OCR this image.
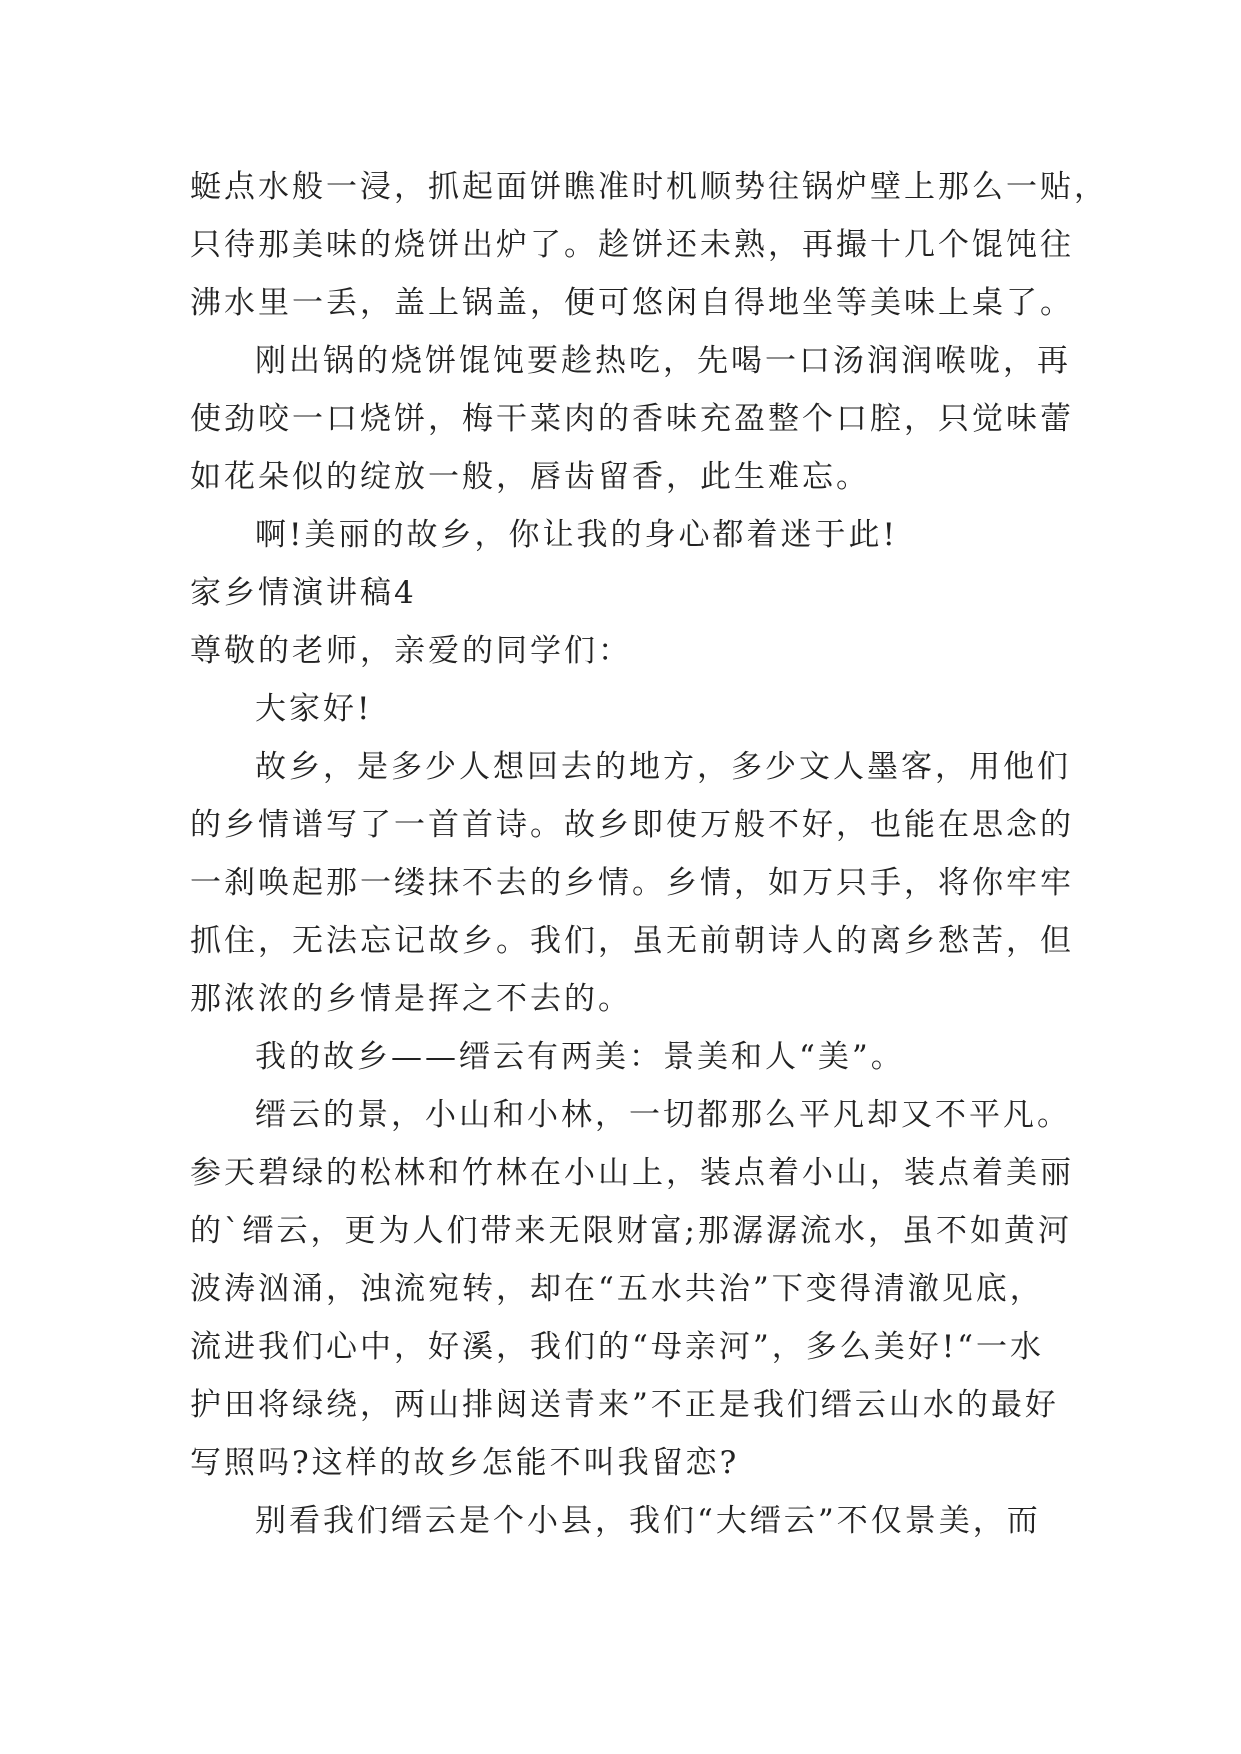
蜓点水般一浸，抓起面饼瞧准时机顺势往锅炉壁上那么一贴，
只待那美味的烧饼出炉了。趁饼还未熟，再撮十几个馄饨往
沸水里一丢，盖上锅盖，便可悠闲自得地坐等美味上桌了。
刚出锅的烧饼馄饨要趁热吃，先喝一口汤润润喉咙，再
使劲咬一口烧饼，梅干菜肉的香味充盈整个口腔，只觉味蕾
如花朵似的绽放一般，唇齿留香，此生难忘。
啊!美丽的故乡，你让我的身心都着迷于此!
家乡情演讲稿4
尊敬的老师，亲爱的同学们：
大家好!
故乡，是多少人想回去的地方，多少文人墨客，用他们
的乡情谱写了一首首诗。故乡即使万般不好，也能在思念的
一刹唤起那一缕抹不去的乡情。乡情，如万只手，将你牢牢
抓住，无法忘记故乡。我们，虽无前朝诗人的离乡愁苦，但
那浓浓的乡情是挥之不去的。
我的故乡——缙云有两美：景美和人“美”。
缙云的景，小山和小林，一切都那么平凡却又不平凡。
参天碧绿的松林和竹林在小山上，装点着小山，装点着美丽
的`缙云，更为人们带来无限财富;那潺潺流水，虽不如黄河
波涛汹涌，浊流宛转，却在“五水共治”下变得清澈见底，
流进我们心中，好溪，我们的“母亲河”，多么美好!“一水
护田将绿绕，两山排闼送青来”不正是我们缙云山水的最好
写照吗?这样的故乡怎能不叫我留恋?
别看我们缙云是个小县，我们“大缙云”不仅景美，而
